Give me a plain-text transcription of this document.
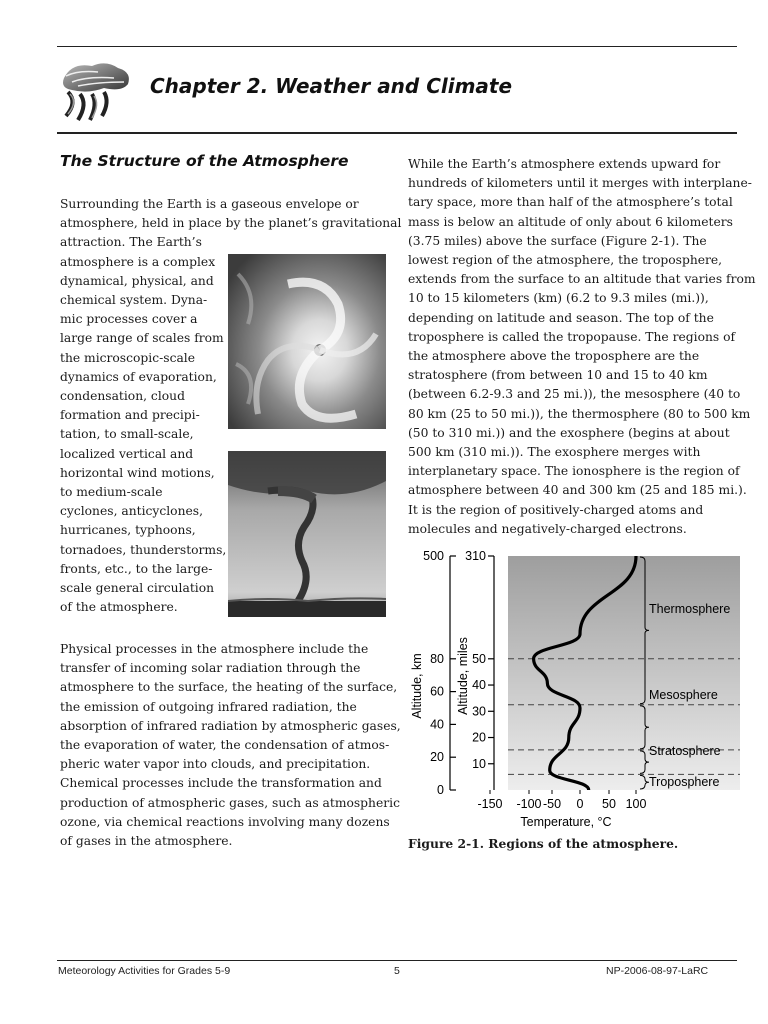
Chapter 2. Weather and Climate
The Structure of the Atmosphere
Surrounding the Earth is a gaseous envelope or
atmosphere, held in place by the planet’s gravitational
attraction. The Earth’s
atmosphere is a complex
dynamical, physical, and
chemical system. Dyna-
mic processes cover a
large range of scales from
the microscopic-scale
dynamics of evaporation,
condensation, cloud
formation and precipi-
tation, to small-scale,
localized vertical and
horizontal wind motions,
to medium-scale
cyclones, anticyclones,
hurricanes, typhoons,
tornadoes, thunderstorms,
fronts, etc., to the large-
scale general circulation
of the atmosphere.
Physical processes in the atmosphere include the
transfer of incoming solar radiation through the
atmosphere to the surface, the heating of the surface,
the emission of outgoing infrared radiation, the
absorption of infrared radiation by atmospheric gases,
the evaporation of water, the condensation of atmos-
pheric water vapor into clouds, and precipitation.
Chemical processes include the transformation and
production of atmospheric gases, such as atmospheric
ozone, via chemical reactions involving many dozens
of gases in the atmosphere.
While the Earth’s atmosphere extends upward for
hundreds of kilometers until it merges with interplane-
tary space, more than half of the atmosphere’s total
mass is below an altitude of only about 6 kilometers
(3.75 miles) above the surface (Figure 2-1). The
lowest region of the atmosphere, the troposphere,
extends from the surface to an altitude that varies from
10 to 15 kilometers (km) (6.2 to 9.3 miles (mi.)),
depending on latitude and season. The top of the
troposphere is called the tropopause. The regions of
the atmosphere above the troposphere are the
stratosphere (from between 10 and 15 to 40 km
(between 6.2-9.3 and 25 mi.)), the mesosphere (40 to
80 km (25 to 50 mi.)), the thermosphere (80 to 500 km
(50 to 310 mi.)) and the exosphere (begins at about
500 km (310 mi.)). The exosphere merges with
interplanetary space. The ionosphere is the region of
atmosphere between 40 and 300 km (25 and 185 mi.).
It is the region of positively-charged atoms and
molecules and negatively-charged electrons.
0
20
40
60
80
500
10
20
30
40
50
310
-150 -100 -50 0 50 100
Altitude, km	Altitude, miles
Temperature, °C
Thermosphere
Mesosphere
Stratosphere
Troposphere
Figure 2-1. Regions of the atmosphere.
Meteorology Activities for Grades 5-9	5	NP-2006-08-97-LaRC
